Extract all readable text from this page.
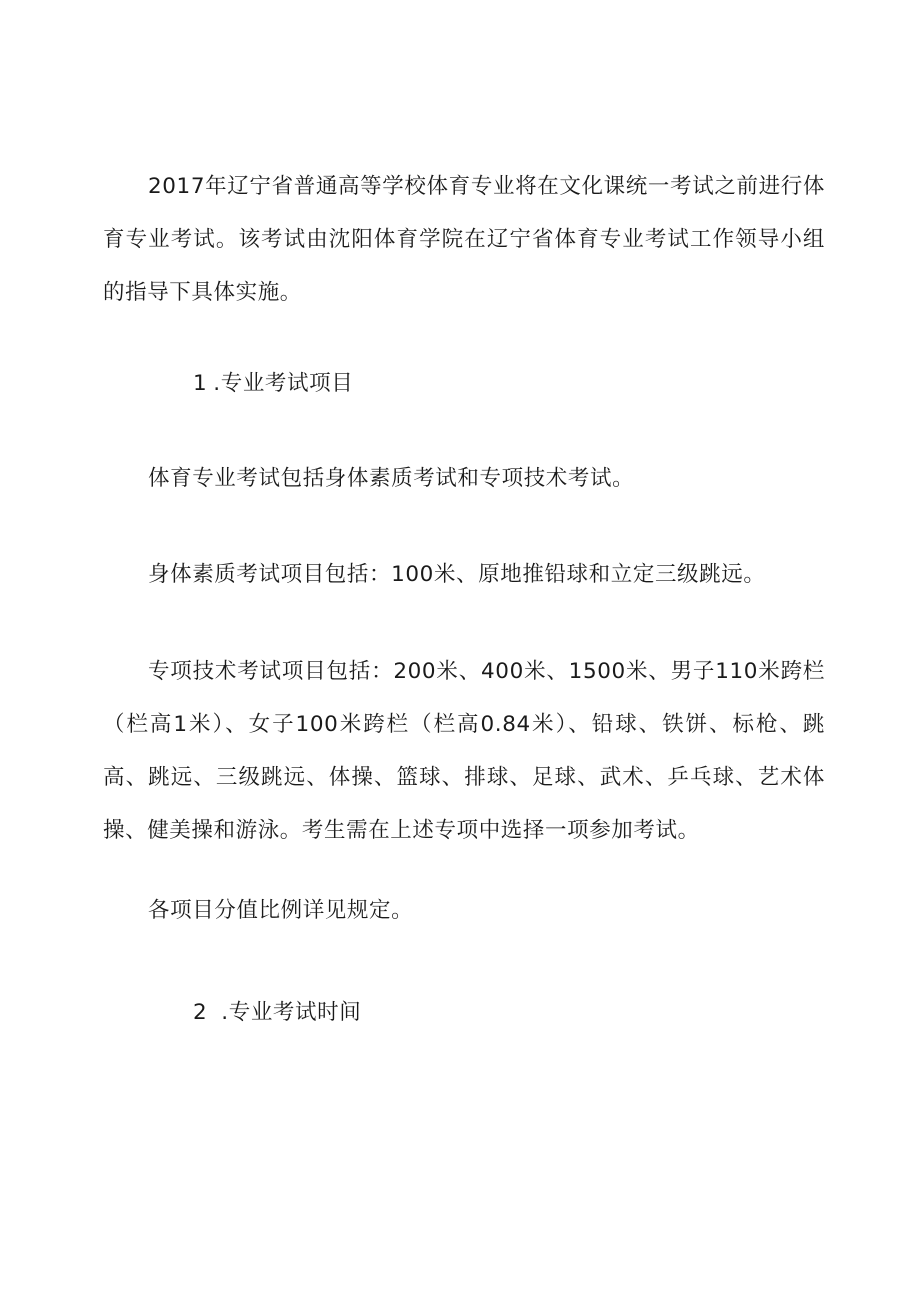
2017年辽宁省普通高等学校体育专业将在文化课统一考试之前进行体育专业考试。该考试由沈阳体育学院在辽宁省体育专业考试工作领导小组的指导下具体实施。

1 .专业考试项目

体育专业考试包括身体素质考试和专项技术考试。

身体素质考试项目包括：100米、原地推铅球和立定三级跳远。

专项技术考试项目包括：200米、400米、1500米、男子110米跨栏（栏高1米）、女子100米跨栏（栏高0.84米）、铅球、铁饼、标枪、跳高、跳远、三级跳远、体操、篮球、排球、足球、武术、乒乓球、艺术体操、健美操和游泳。考生需在上述专项中选择一项参加考试。

各项目分值比例详见规定。

2 .专业考试时间
